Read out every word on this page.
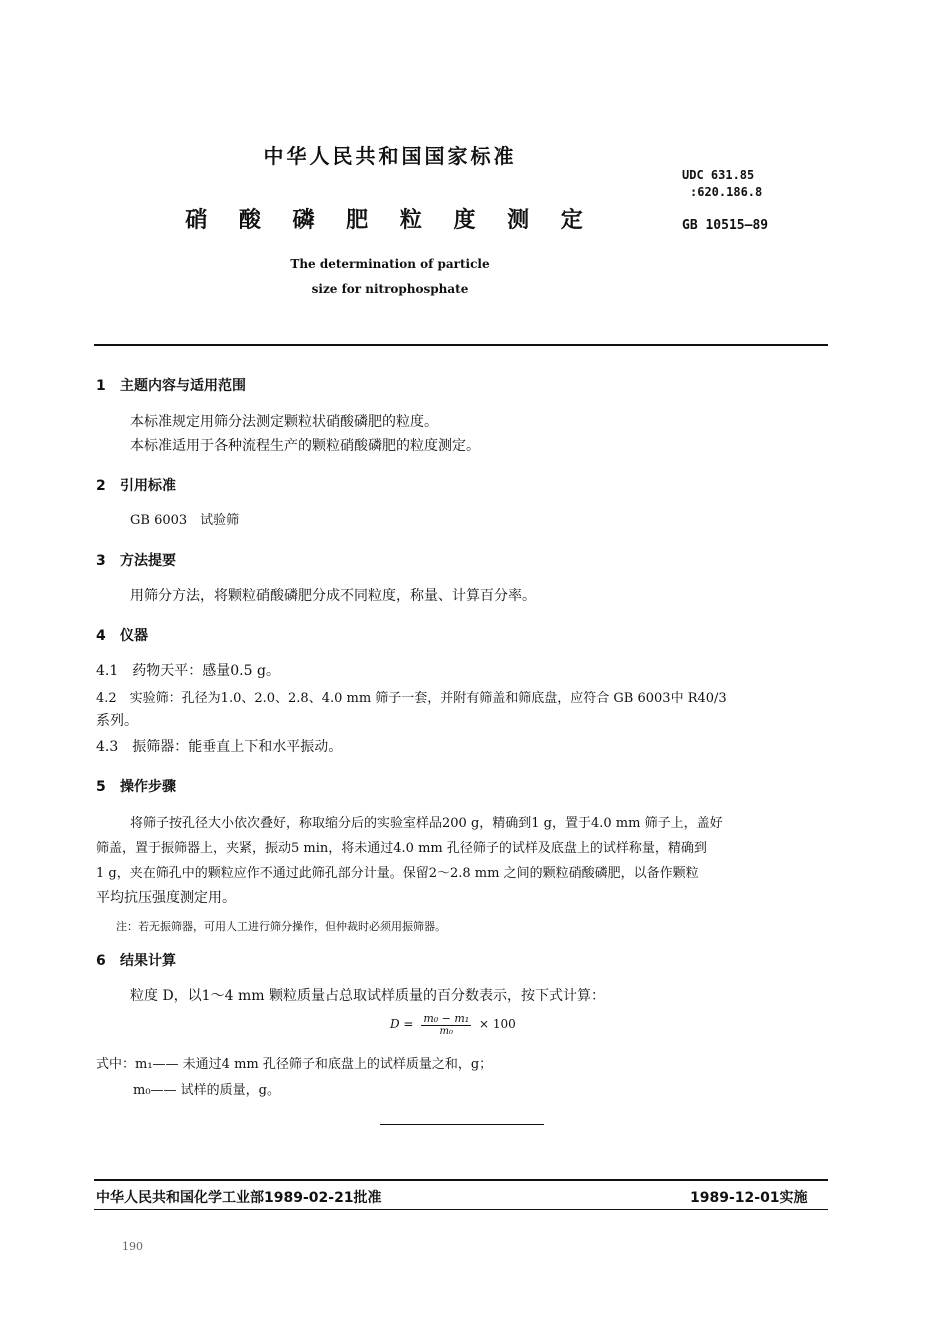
中华人民共和国国家标准
UDC 631.85
:620.186.8
硝 酸 磷 肥 粒 度 测 定	GB 10515—89
The determination of particle
size for nitrophosphate
1 主题内容与适用范围
本标准规定用筛分法测定颗粒状硝酸磷肥的粒度。
本标准适用于各种流程生产的颗粒硝酸磷肥的粒度测定。
2 引用标准
GB 6003　试验筛
3 方法提要
用筛分方法，将颗粒硝酸磷肥分成不同粒度，称量、计算百分率。
4 仪器
4.1　药物天平：感量0.5 g。
4.2　实验筛：孔径为1.0、2.0、2.8、4.0 mm 筛子一套，并附有筛盖和筛底盘，应符合 GB 6003中 R40/3
系列。
4.3　振筛器：能垂直上下和水平振动。
5 操作步骤
将筛子按孔径大小依次叠好，称取缩分后的实验室样品200 g，精确到1 g，置于4.0 mm 筛子上，盖好
筛盖，置于振筛器上，夹紧，振动5 min，将未通过4.0 mm 孔径筛子的试样及底盘上的试样称量，精确到
1 g，夹在筛孔中的颗粒应作不通过此筛孔部分计量。保留2～2.8 mm 之间的颗粒硝酸磷肥，以备作颗粒
平均抗压强度测定用。
注：若无振筛器，可用人工进行筛分操作，但仲裁时必须用振筛器。
6 结果计算
粒度 D，以1～4 mm 颗粒质量占总取试样质量的百分数表示，按下式计算：
$D = \frac{\text{m₀ − m₁}}{\text{m₀}} \times 100$
式中：m₁—— 未通过4 mm 孔径筛子和底盘上的试样质量之和，g；
m₀—— 试样的质量，g。
中华人民共和国化学工业部1989-02-21批准	1989-12-01实施
190
